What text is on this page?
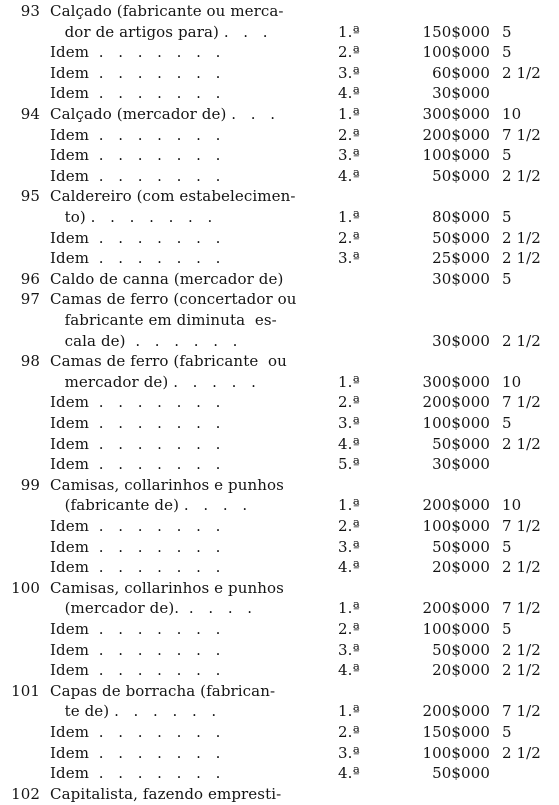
93 Calçado (fabricante ou merca-
dor de artigos para) .   .   .	1.ª	150$000 5
Idem  .   .   .   .   .   .   .	2.ª	100$000 5
Idem  .   .   .   .   .   .   .	3.ª	60$000 2 1/2
Idem  .   .   .   .   .   .   .	4.ª	30$000
94 Calçado (mercador de) .   .   .	1.ª	300$000 10
Idem  .   .   .   .   .   .   .	2.ª	200$000 7 1/2
Idem  .   .   .   .   .   .   .	3.ª	100$000 5
Idem  .   .   .   .   .   .   .	4.ª	50$000 2 1/2
95 Caldereiro (com estabelecimen-
to) .   .   .   .   .   .   .	1.ª	80$000 5
Idem  .   .   .   .   .   .   .	2.ª	50$000 2 1/2
Idem  .   .   .   .   .   .   .	3.ª	25$000 2 1/2
96 Caldo de canna (mercador de)	30$000 5
97 Camas de ferro (concertador ou
fabricante em diminuta  es-
cala de)  .   .   .   .   .   .	30$000 2 1/2
98 Camas de ferro (fabricante  ou
mercador de) .   .   .   .   .	1.ª	300$000 10
Idem  .   .   .   .   .   .   .	2.ª	200$000 7 1/2
Idem  .   .   .   .   .   .   .	3.ª	100$000 5
Idem  .   .   .   .   .   .   .	4.ª	50$000 2 1/2
Idem  .   .   .   .   .   .   .	5.ª	30$000
99 Camisas, collarinhos e punhos
(fabricante de) .   .   .   .	1.ª	200$000 10
Idem  .   .   .   .   .   .   .	2.ª	100$000 7 1/2
Idem  .   .   .   .   .   .   .	3.ª	50$000 5
Idem  .   .   .   .   .   .   .	4.ª	20$000 2 1/2
100 Camisas, collarinhos e punhos
(mercador de).  .   .   .   .	1.ª	200$000 7 1/2
Idem  .   .   .   .   .   .   .	2.ª	100$000 5
Idem  .   .   .   .   .   .   .	3.ª	50$000 2 1/2
Idem  .   .   .   .   .   .   .	4.ª	20$000 2 1/2
101 Capas de borracha (fabrican-
te de) .   .   .   .   .   .	1.ª	200$000 7 1/2
Idem  .   .   .   .   .   .   .	2.ª	150$000 5
Idem  .   .   .   .   .   .   .	3.ª	100$000 2 1/2
Idem  .   .   .   .   .   .   .	4.ª	50$000
102 Capitalista, fazendo empresti-
